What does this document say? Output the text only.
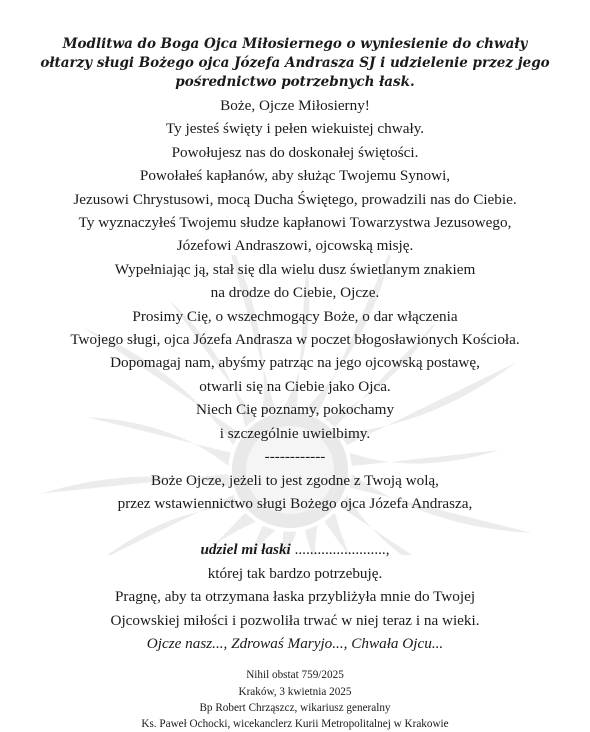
Modlitwa do Boga Ojca Miłosiernego o wyniesienie do chwały
ołtarzy sługi Bożego ojca Józefa Andrasza SJ i udzielenie przez jego
pośrednictwo potrzebnych łask.
Boże, Ojcze Miłosierny!
Ty jesteś święty i pełen wiekuistej chwały.
Powołujesz nas do doskonałej świętości.
Powołałeś kapłanów, aby służąc Twojemu Synowi,
Jezusowi Chrystusowi, mocą Ducha Świętego, prowadzili nas do Ciebie.
Ty wyznaczyłeś Twojemu słudze kapłanowi Towarzystwa Jezusowego,
Józefowi Andraszowi, ojcowską misję.
Wypełniając ją, stał się dla wielu dusz świetlanym znakiem
na drodze do Ciebie, Ojcze.
Prosimy Cię, o wszechmogący Boże, o dar włączenia
Twojego sługi, ojca Józefa Andrasza w poczet błogosławionych Kościoła.
Dopomagaj nam, abyśmy patrząc na jego ojcowską postawę,
otwarli się na Ciebie jako Ojca.
Niech Cię poznamy, pokochamy
i szczególnie uwielbimy.
------------
Boże Ojcze, jeżeli to jest zgodne z Twoją wolą,
przez wstawiennictwo sługi Bożego ojca Józefa Andrasza,
udziel mi łaski ........................,
której tak bardzo potrzebuję.
Pragnę, aby ta otrzymana łaska przybliżyła mnie do Twojej
Ojcowskiej miłości i pozwoliła trwać w niej teraz i na wieki.
Ojcze nasz..., Zdrowaś Maryjo..., Chwała Ojcu...
Nihil obstat 759/2025
Kraków, 3 kwietnia 2025
Bp Robert Chrząszcz, wikariusz generalny
Ks. Paweł Ochocki, wicekanclerz Kurii Metropolitalnej w Krakowie
